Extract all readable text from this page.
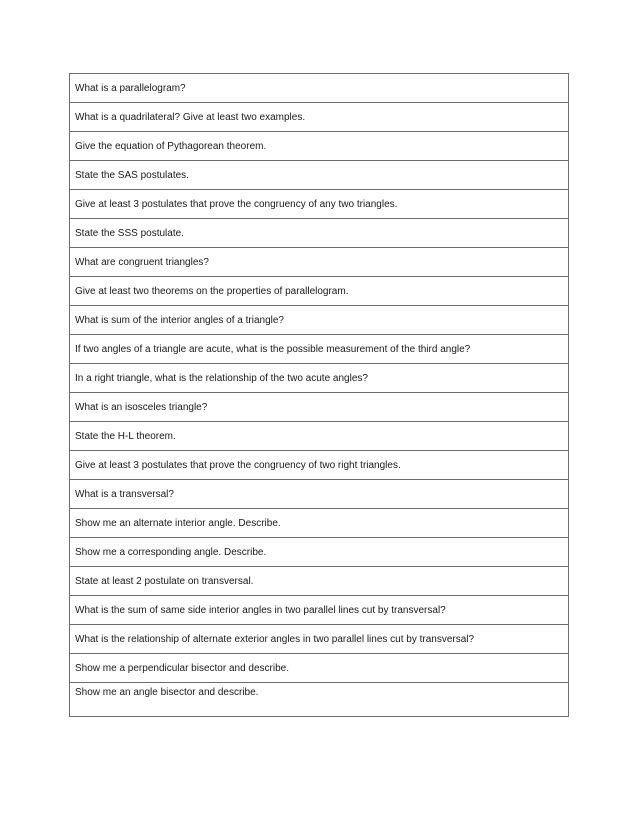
What is a parallelogram?
What is a quadrilateral? Give at least two examples.
Give the equation of Pythagorean theorem.
State the SAS postulates.
Give at least 3 postulates that prove the congruency of any two triangles.
State the SSS postulate.
What are congruent triangles?
Give at least two theorems on the properties of parallelogram.
What is sum of the interior angles of a triangle?
If two angles of a triangle are acute, what is the possible measurement of the third angle?
In a right triangle, what is the relationship of the two acute angles?
What is an isosceles triangle?
State the H-L theorem.
Give at least 3 postulates that prove the congruency of two right triangles.
What is a transversal?
Show me an alternate interior angle. Describe.
Show me a corresponding angle. Describe.
State at least 2 postulate on transversal.
What is the sum of same side interior angles in two parallel lines cut by transversal?
What is the relationship of alternate exterior angles in two parallel lines cut by transversal?
Show me a perpendicular bisector and describe.
Show me an angle bisector and describe.
